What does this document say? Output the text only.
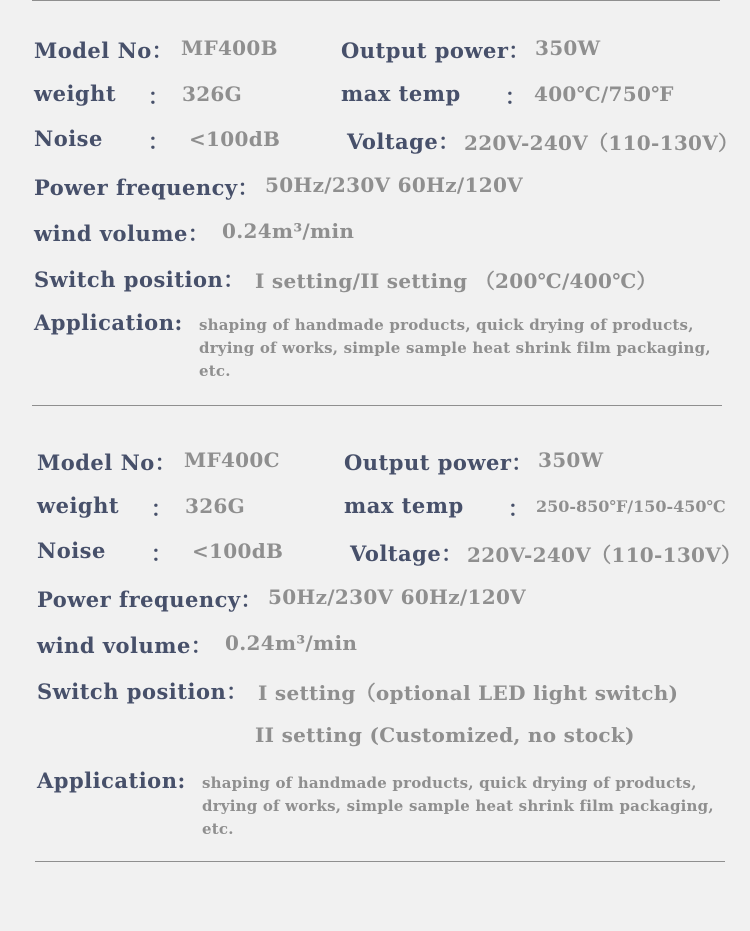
Model No： MF400B	Output power： 350W
weight ： 326G	max temp ： 400℃/750℉
Noise ： <100dB	Voltage： 220V-240V（110-130V）
Power frequency： 50Hz/230V 60Hz/120V
wind volume： 0.24m³/min
Switch position： I setting/II setting （200℃/400℃）
Application: shaping of handmade products, quick drying of products,
drying of works, simple sample heat shrink film packaging,
etc.
Model No： MF400C	Output power： 350W
weight ： 326G	max temp ： 250-850℉/150-450℃
Noise ： <100dB	Voltage： 220V-240V（110-130V）
Power frequency： 50Hz/230V 60Hz/120V
wind volume： 0.24m³/min
Switch position： I setting（optional LED light switch)
II setting (Customized, no stock)
Application: shaping of handmade products, quick drying of products,
drying of works, simple sample heat shrink film packaging,
etc.
